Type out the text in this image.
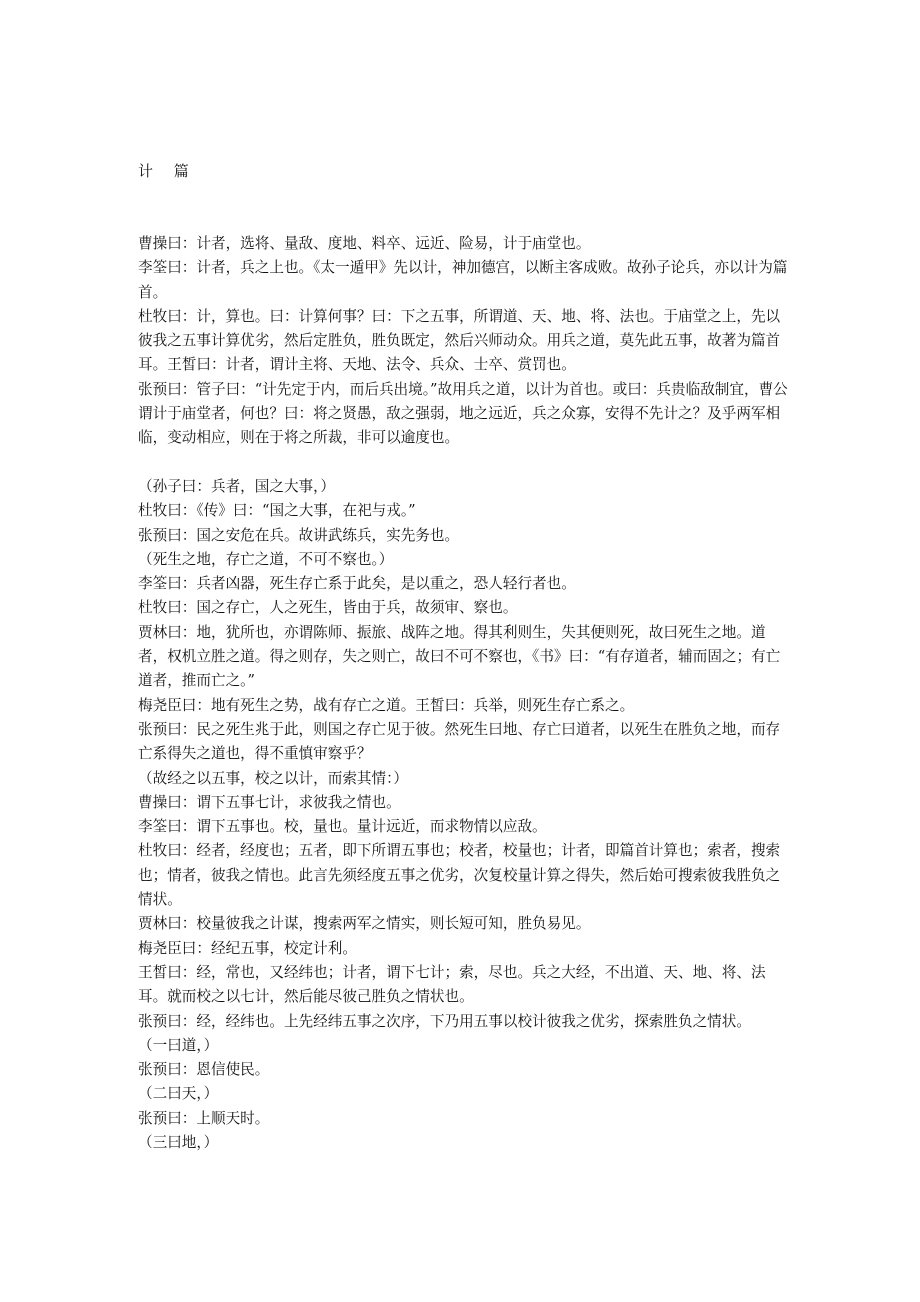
计 篇

曹操曰：计者，选将、量敌、度地、料卒、远近、险易，计于庙堂也。

李筌曰：计者，兵之上也。《太一遁甲》先以计，神加德宫，以断主客成败。故孙子论兵，亦以计为篇首。

杜牧曰：计，算也。曰：计算何事？曰：下之五事，所谓道、天、地、将、法也。于庙堂之上，先以彼我之五事计算优劣，然后定胜负，胜负既定，然后兴师动众。用兵之道，莫先此五事，故著为篇首耳。王皙曰：计者，谓计主将、天地、法令、兵众、士卒、赏罚也。

张预曰：管子曰：“计先定于内，而后兵出境。”故用兵之道，以计为首也。或曰：兵贵临敌制宜，曹公谓计于庙堂者，何也？曰：将之贤愚，敌之强弱，地之远近，兵之众寡，安得不先计之？及乎两军相临，变动相应，则在于将之所裁，非可以逾度也。

（孙子曰：兵者，国之大事，）

杜牧曰：《传》曰：“国之大事，在祀与戎。”

张预曰：国之安危在兵。故讲武练兵，实先务也。

（死生之地，存亡之道，不可不察也。）

李筌曰：兵者凶器，死生存亡系于此矣，是以重之，恐人轻行者也。

杜牧曰：国之存亡，人之死生，皆由于兵，故须审、察也。

贾林曰：地，犹所也，亦谓陈师、振旅、战阵之地。得其利则生，失其便则死，故曰死生之地。道者，权机立胜之道。得之则存，失之则亡，故曰不可不察也，《书》曰：“有存道者，辅而固之；有亡道者，推而亡之。”

梅尧臣曰：地有死生之势，战有存亡之道。王皙曰：兵举，则死生存亡系之。

张预曰：民之死生兆于此，则国之存亡见于彼。然死生曰地、存亡曰道者，以死生在胜负之地，而存亡系得失之道也，得不重慎审察乎？

（故经之以五事，校之以计，而索其情：）

曹操曰：谓下五事七计，求彼我之情也。

李筌曰：谓下五事也。校，量也。量计远近，而求物情以应敌。

杜牧曰：经者，经度也；五者，即下所谓五事也；校者，校量也；计者，即篇首计算也；索者，搜索也；情者，彼我之情也。此言先须经度五事之优劣，次复校量计算之得失，然后始可搜索彼我胜负之情状。

贾林曰：校量彼我之计谋，搜索两军之情实，则长短可知，胜负易见。

梅尧臣曰：经纪五事，校定计利。

王皙曰：经，常也，又经纬也；计者，谓下七计；索，尽也。兵之大经，不出道、天、地、将、法耳。就而校之以七计，然后能尽彼己胜负之情状也。

张预曰：经，经纬也。上先经纬五事之次序，下乃用五事以校计彼我之优劣，探索胜负之情状。

（一曰道，）

张预曰：恩信使民。

（二曰天，）

张预曰：上顺天时。

（三曰地，）
